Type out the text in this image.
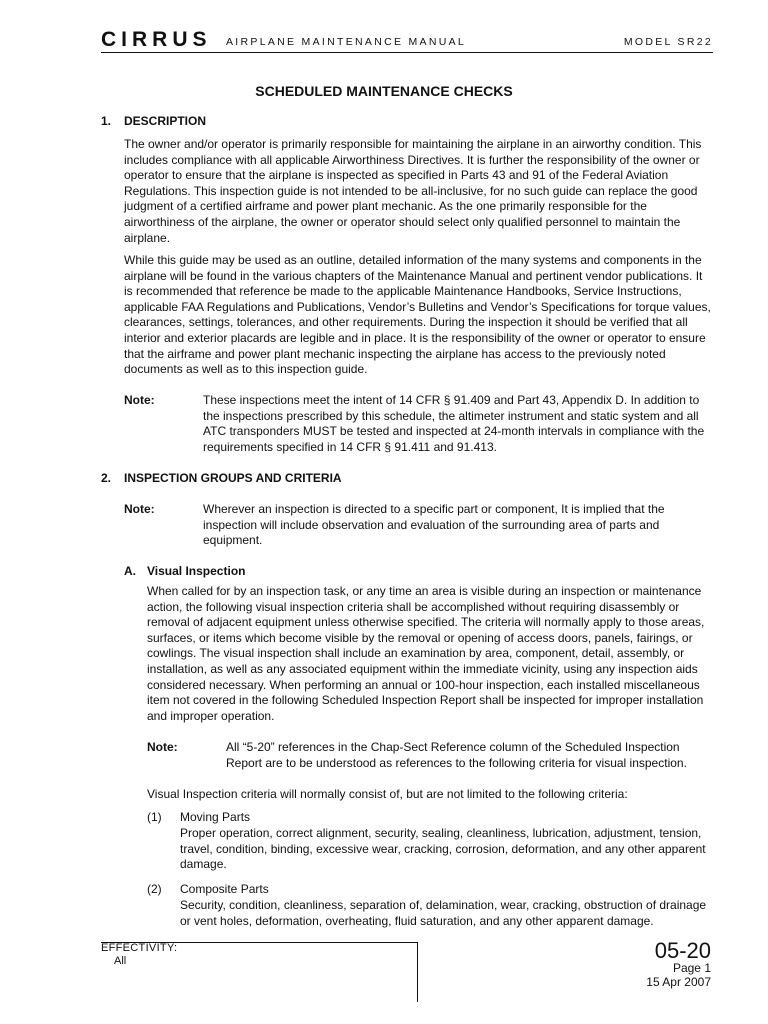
CIRRUS AIRPLANE MAINTENANCE MANUAL	MODEL SR22
SCHEDULED MAINTENANCE CHECKS
1. DESCRIPTION

The owner and/or operator is primarily responsible for maintaining the airplane in an airworthy condition. This includes compliance with all applicable Airworthiness Directives. It is further the responsibility of the owner or operator to ensure that the airplane is inspected as specified in Parts 43 and 91 of the Federal Aviation Regulations. This inspection guide is not intended to be all-inclusive, for no such guide can replace the good judgment of a certified airframe and power plant mechanic. As the one primarily responsible for the airworthiness of the airplane, the owner or operator should select only qualified personnel to maintain the airplane.

While this guide may be used as an outline, detailed information of the many systems and components in the airplane will be found in the various chapters of the Maintenance Manual and pertinent vendor publications. It is recommended that reference be made to the applicable Maintenance Handbooks, Service Instructions, applicable FAA Regulations and Publications, Vendor’s Bulletins and Vendor’s Specifications for torque values, clearances, settings, tolerances, and other requirements. During the inspection it should be verified that all interior and exterior placards are legible and in place. It is the responsibility of the owner or operator to ensure that the airframe and power plant mechanic inspecting the airplane has access to the previously noted documents as well as to this inspection guide.

Note:	These inspections meet the intent of 14 CFR § 91.409 and Part 43, Appendix D. In addition to the inspections prescribed by this schedule, the altimeter instrument and static system and all ATC transponders MUST be tested and inspected at 24-month intervals in compliance with the requirements specified in 14 CFR § 91.411 and 91.413.

2. INSPECTION GROUPS AND CRITERIA
Note:	Wherever an inspection is directed to a specific part or component, It is implied that the inspection will include observation and evaluation of the surrounding area of parts and equipment.

A. Visual Inspection

When called for by an inspection task, or any time an area is visible during an inspection or maintenance action, the following visual inspection criteria shall be accomplished without requiring disassembly or removal of adjacent equipment unless otherwise specified. The criteria will normally apply to those areas, surfaces, or items which become visible by the removal or opening of access doors, panels, fairings, or cowlings. The visual inspection shall include an examination by area, component, detail, assembly, or installation, as well as any associated equipment within the immediate vicinity, using any inspection aids considered necessary. When performing an annual or 100-hour inspection, each installed miscellaneous item not covered in the following Scheduled Inspection Report shall be inspected for improper installation and improper operation.

Note:	All “5-20” references in the Chap-Sect Reference column of the Scheduled Inspection Report are to be understood as references to the following criteria for visual inspection.

Visual Inspection criteria will normally consist of, but are not limited to the following criteria:

(1) Moving Parts

Proper operation, correct alignment, security, sealing, cleanliness, lubrication, adjustment, tension, travel, condition, binding, excessive wear, cracking, corrosion, deformation, and any other apparent damage.

(2) Composite Parts

Security, condition, cleanliness, separation of, delamination, wear, cracking, obstruction of drainage or vent holes, deformation, overheating, fluid saturation, and any other apparent damage.

EFFECTIVITY:
All	05-20
Page 1
15 Apr 2007
